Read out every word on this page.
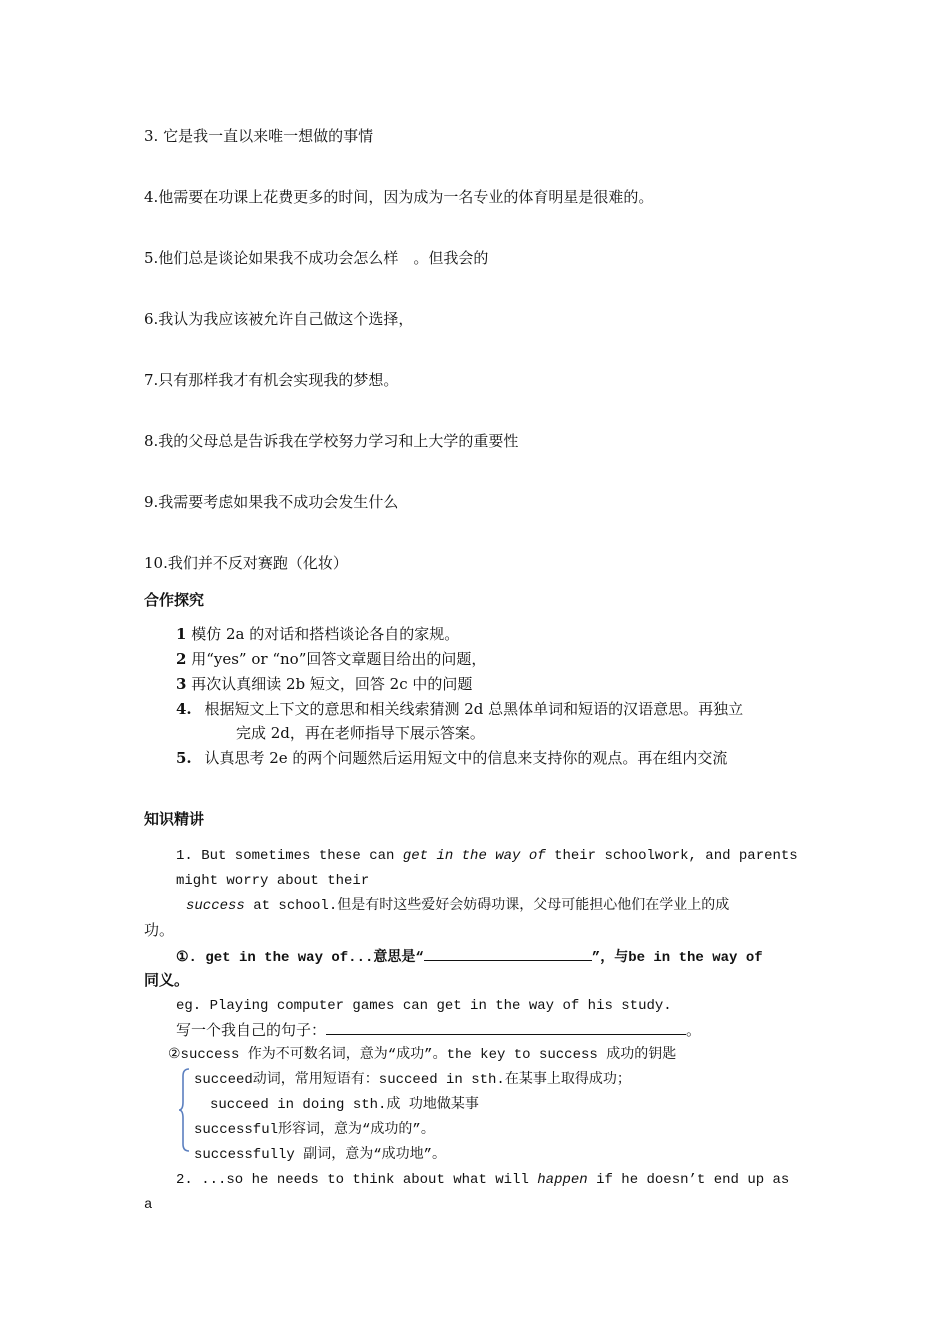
3. 它是我一直以来唯一想做的事情
4.他需要在功课上花费更多的时间，因为成为一名专业的体育明星是很难的。
5.他们总是谈论如果我不成功会怎么样　。但我会的
6.我认为我应该被允许自己做这个选择，
7.只有那样我才有机会实现我的梦想。
8.我的父母总是告诉我在学校努力学习和上大学的重要性
9.我需要考虑如果我不成功会发生什么
10.我们并不反对赛跑（化妆）
合作探究
1 模仿 2a 的对话和搭档谈论各自的家规。
2 用“yes” or “no”回答文章题目给出的问题，
3 再次认真细读 2b 短文，回答 2c 中的问题
4. 根据短文上下文的意思和相关线索猜测 2d 总黑体单词和短语的汉语意思。再独立
完成 2d，再在老师指导下展示答案。
5. 认真思考 2e 的两个问题然后运用短文中的信息来支持你的观点。再在组内交流
知识精讲
1. But sometimes these can get in the way of their schoolwork, and parents
might worry about their
success at school.但是有时这些爱好会妨碍功课，父母可能担心他们在学业上的成
功。
①. get in the way of...意思是“	”，与be in the way of
同义。
eg. Playing computer games can get in the way of his study.
写一个我自己的句子：	。
②success 作为不可数名词，意为“成功”。the key to success 成功的钥匙
succeed动词，常用短语有：succeed in sth.在某事上取得成功；
succeed in doing sth.成 功地做某事
successful形容词，意为“成功的”。
successfully 副词，意为“成功地”。
2. ...so he needs to think about what will happen if he doesn’t end up as
a
